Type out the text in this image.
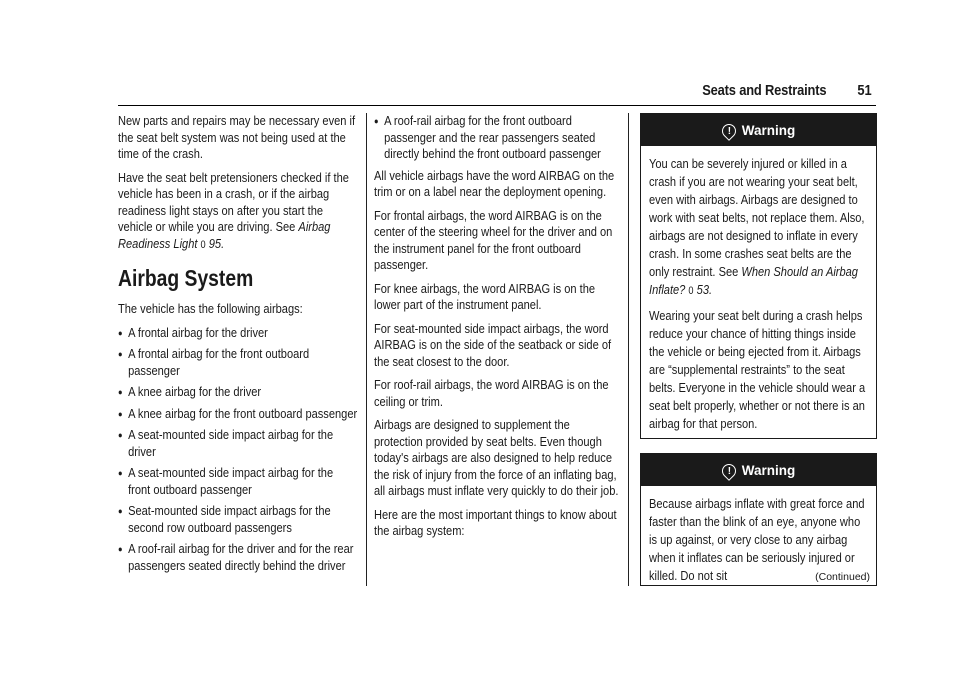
Seats and Restraints 51

New parts and repairs may be necessary even if the seat belt system was not being used at the time of the crash.

Have the seat belt pretensioners checked if the vehicle has been in a crash, or if the airbag readiness light stays on after you start the vehicle or while you are driving. See Airbag Readiness Light 0 95.

Airbag System

The vehicle has the following airbags:

● A frontal airbag for the driver
● A frontal airbag for the front outboard passenger
● A knee airbag for the driver
● A knee airbag for the front outboard passenger
● A seat-mounted side impact airbag for the driver
● A seat-mounted side impact airbag for the front outboard passenger
● Seat-mounted side impact airbags for the second row outboard passengers
● A roof-rail airbag for the driver and for the rear passengers seated directly behind the driver
● A roof-rail airbag for the front outboard passenger and the rear passengers seated directly behind the front outboard passenger

All vehicle airbags have the word AIRBAG on the trim or on a label near the deployment opening.

For frontal airbags, the word AIRBAG is on the center of the steering wheel for the driver and on the instrument panel for the front outboard passenger.

For knee airbags, the word AIRBAG is on the lower part of the instrument panel.

For seat-mounted side impact airbags, the word AIRBAG is on the side of the seatback or side of the seat closest to the door.

For roof-rail airbags, the word AIRBAG is on the ceiling or trim.

Airbags are designed to supplement the protection provided by seat belts. Even though today's airbags are also designed to help reduce the risk of injury from the force of an inflating bag, all airbags must inflate very quickly to do their job.

Here are the most important things to know about the airbag system:

! Warning

You can be severely injured or killed in a crash if you are not wearing your seat belt, even with airbags. Airbags are designed to work with seat belts, not replace them. Also, airbags are not designed to inflate in every crash. In some crashes seat belts are the only restraint. See When Should an Airbag Inflate? 0 53.

Wearing your seat belt during a crash helps reduce your chance of hitting things inside the vehicle or being ejected from it. Airbags are “supplemental restraints” to the seat belts. Everyone in the vehicle should wear a seat belt properly, whether or not there is an airbag for that person.

! Warning

Because airbags inflate with great force and faster than the blink of an eye, anyone who is up against, or very close to any airbag when it inflates can be seriously injured or killed. Do not sit	(Continued)
